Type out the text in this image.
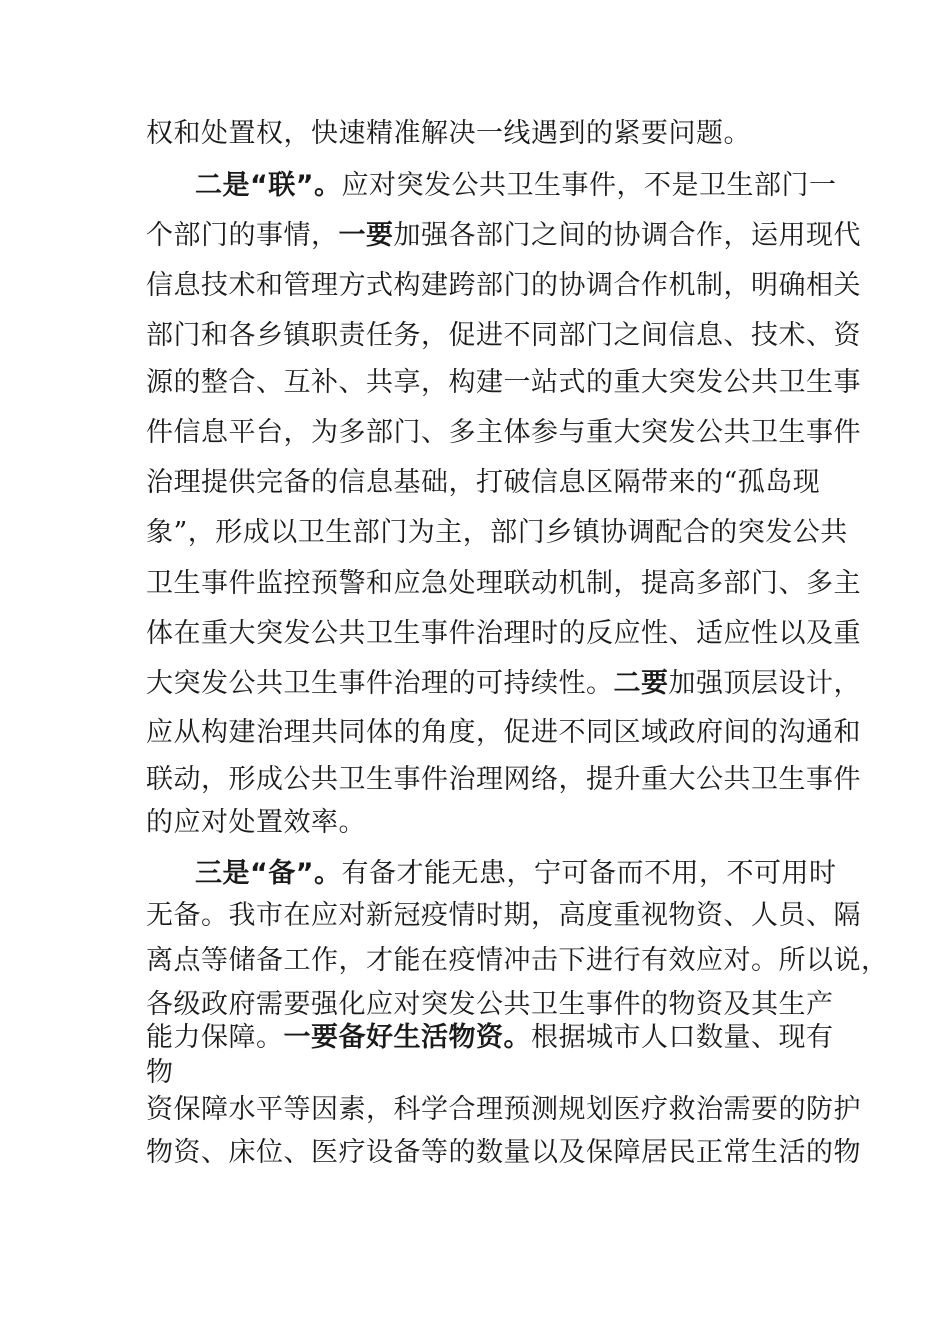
权和处置权，快速精准解决一线遇到的紧要问题。
二是“联”。应对突发公共卫生事件，不是卫生部门一
个部门的事情，一要加强各部门之间的协调合作，运用现代
信息技术和管理方式构建跨部门的协调合作机制，明确相关
部门和各乡镇职责任务，促进不同部门之间信息、技术、资
源的整合、互补、共享，构建一站式的重大突发公共卫生事
件信息平台，为多部门、多主体参与重大突发公共卫生事件
治理提供完备的信息基础，打破信息区隔带来的“孤岛现
象”，形成以卫生部门为主，部门乡镇协调配合的突发公共
卫生事件监控预警和应急处理联动机制，提高多部门、多主
体在重大突发公共卫生事件治理时的反应性、适应性以及重
大突发公共卫生事件治理的可持续性。二要加强顶层设计，
应从构建治理共同体的角度，促进不同区域政府间的沟通和
联动，形成公共卫生事件治理网络，提升重大公共卫生事件
的应对处置效率。
三是“备”。有备才能无患，宁可备而不用，不可用时
无备。我市在应对新冠疫情时期，高度重视物资、人员、隔
离点等储备工作，才能在疫情冲击下进行有效应对。所以说，
各级政府需要强化应对突发公共卫生事件的物资及其生产
能力保障。一要备好生活物资。根据城市人口数量、现有
物
资保障水平等因素，科学合理预测规划医疗救治需要的防护
物资、床位、医疗设备等的数量以及保障居民正常生活的物
